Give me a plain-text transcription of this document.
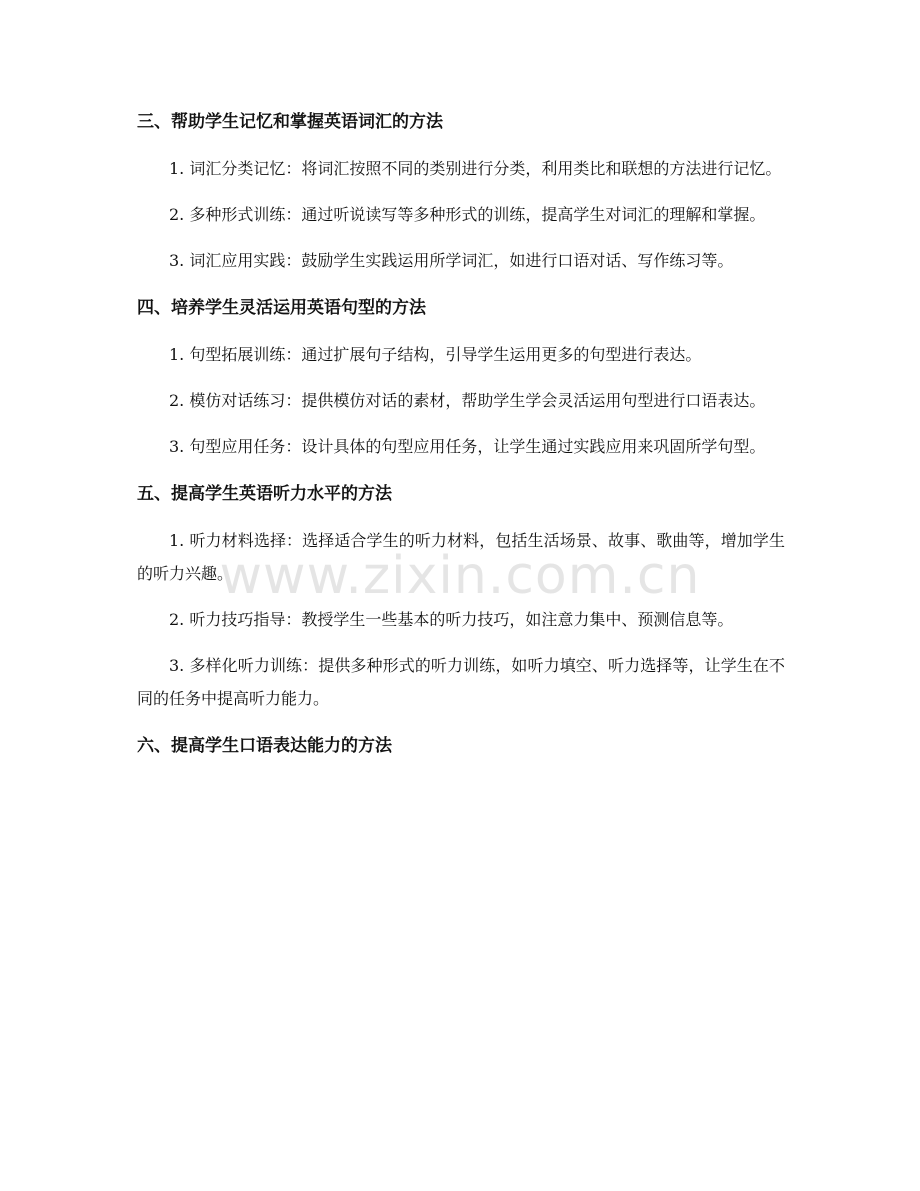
www.zixin.com.cn

三、帮助学生记忆和掌握英语词汇的方法

1. 词汇分类记忆：将词汇按照不同的类别进行分类，利用类比和联想的方法进行记忆。

2. 多种形式训练：通过听说读写等多种形式的训练，提高学生对词汇的理解和掌握。

3. 词汇应用实践：鼓励学生实践运用所学词汇，如进行口语对话、写作练习等。

四、培养学生灵活运用英语句型的方法

1. 句型拓展训练：通过扩展句子结构，引导学生运用更多的句型进行表达。

2. 模仿对话练习：提供模仿对话的素材，帮助学生学会灵活运用句型进行口语表达。

3. 句型应用任务：设计具体的句型应用任务，让学生通过实践应用来巩固所学句型。

五、提高学生英语听力水平的方法

1. 听力材料选择：选择适合学生的听力材料，包括生活场景、故事、歌曲等，增加学生的听力兴趣。

2. 听力技巧指导：教授学生一些基本的听力技巧，如注意力集中、预测信息等。

3. 多样化听力训练：提供多种形式的听力训练，如听力填空、听力选择等，让学生在不同的任务中提高听力能力。

六、提高学生口语表达能力的方法
